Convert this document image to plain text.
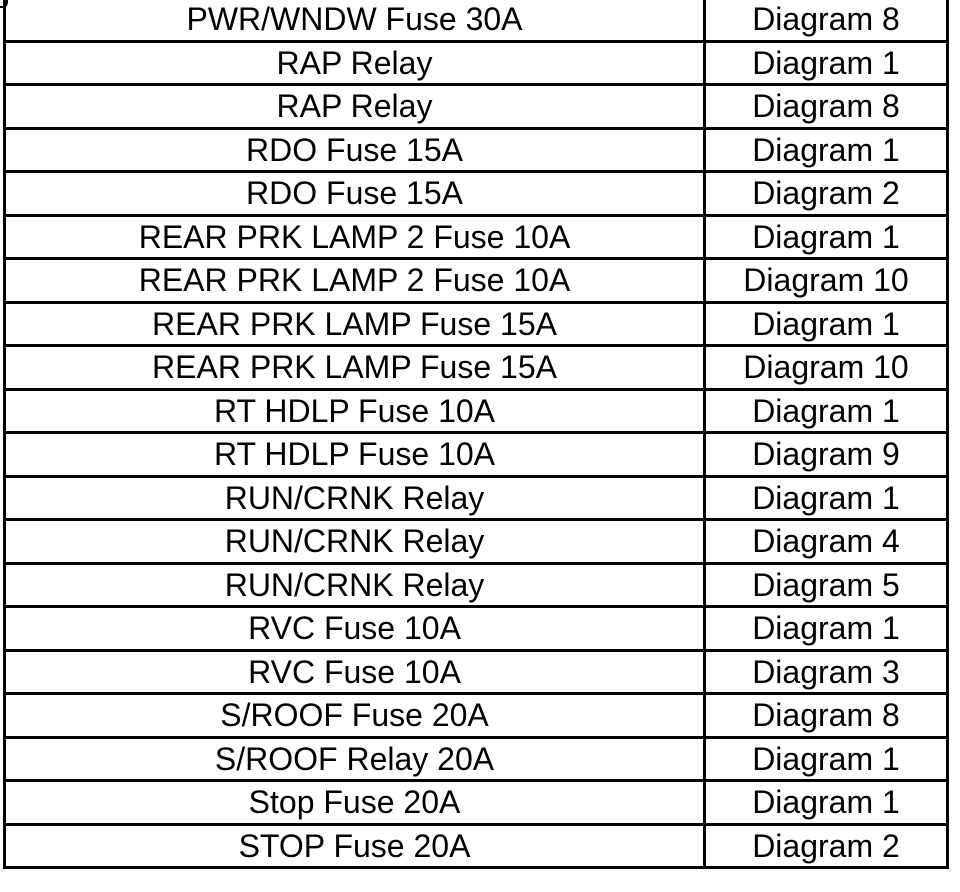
PWR/WNDW Fuse 30A	Diagram 8
RAP Relay	Diagram 1
RAP Relay	Diagram 8
RDO Fuse 15A	Diagram 1
RDO Fuse 15A	Diagram 2
REAR PRK LAMP 2 Fuse 10A	Diagram 1
REAR PRK LAMP 2 Fuse 10A	Diagram 10
REAR PRK LAMP Fuse 15A	Diagram 1
REAR PRK LAMP Fuse 15A	Diagram 10
RT HDLP Fuse 10A	Diagram 1
RT HDLP Fuse 10A	Diagram 9
RUN/CRNK Relay	Diagram 1
RUN/CRNK Relay	Diagram 4
RUN/CRNK Relay	Diagram 5
RVC Fuse 10A	Diagram 1
RVC Fuse 10A	Diagram 3
S/ROOF Fuse 20A	Diagram 8
S/ROOF Relay 20A	Diagram 1
Stop Fuse 20A	Diagram 1
STOP Fuse 20A	Diagram 2
